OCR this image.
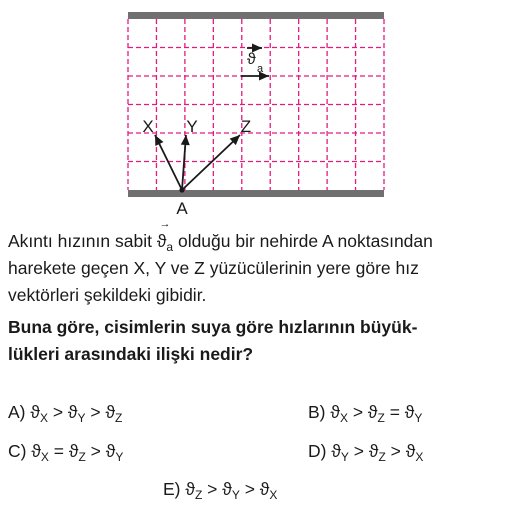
X Y	Z
A
ϑ
a
Akıntı hızının sabit
→
$ϑ_a$ olduğu bir nehirde A noktasından
harekete geçen X, Y ve Z yüzücülerinin yere göre hız
vektörleri şekildeki gibidir.
Buna göre, cisimlerin suya göre hızlarının büyük-
lükleri arasındaki ilişki nedir?
A) $ϑ_X > ϑ_Y > ϑ_Z$	B) $ϑ_X > ϑ_Z = ϑ_Y$
C) $ϑ_X = ϑ_Z > ϑ_Y$	D) $ϑ_Y > ϑ_Z > ϑ_X$
E) $ϑ_Z > ϑ_Y > ϑ_X$
